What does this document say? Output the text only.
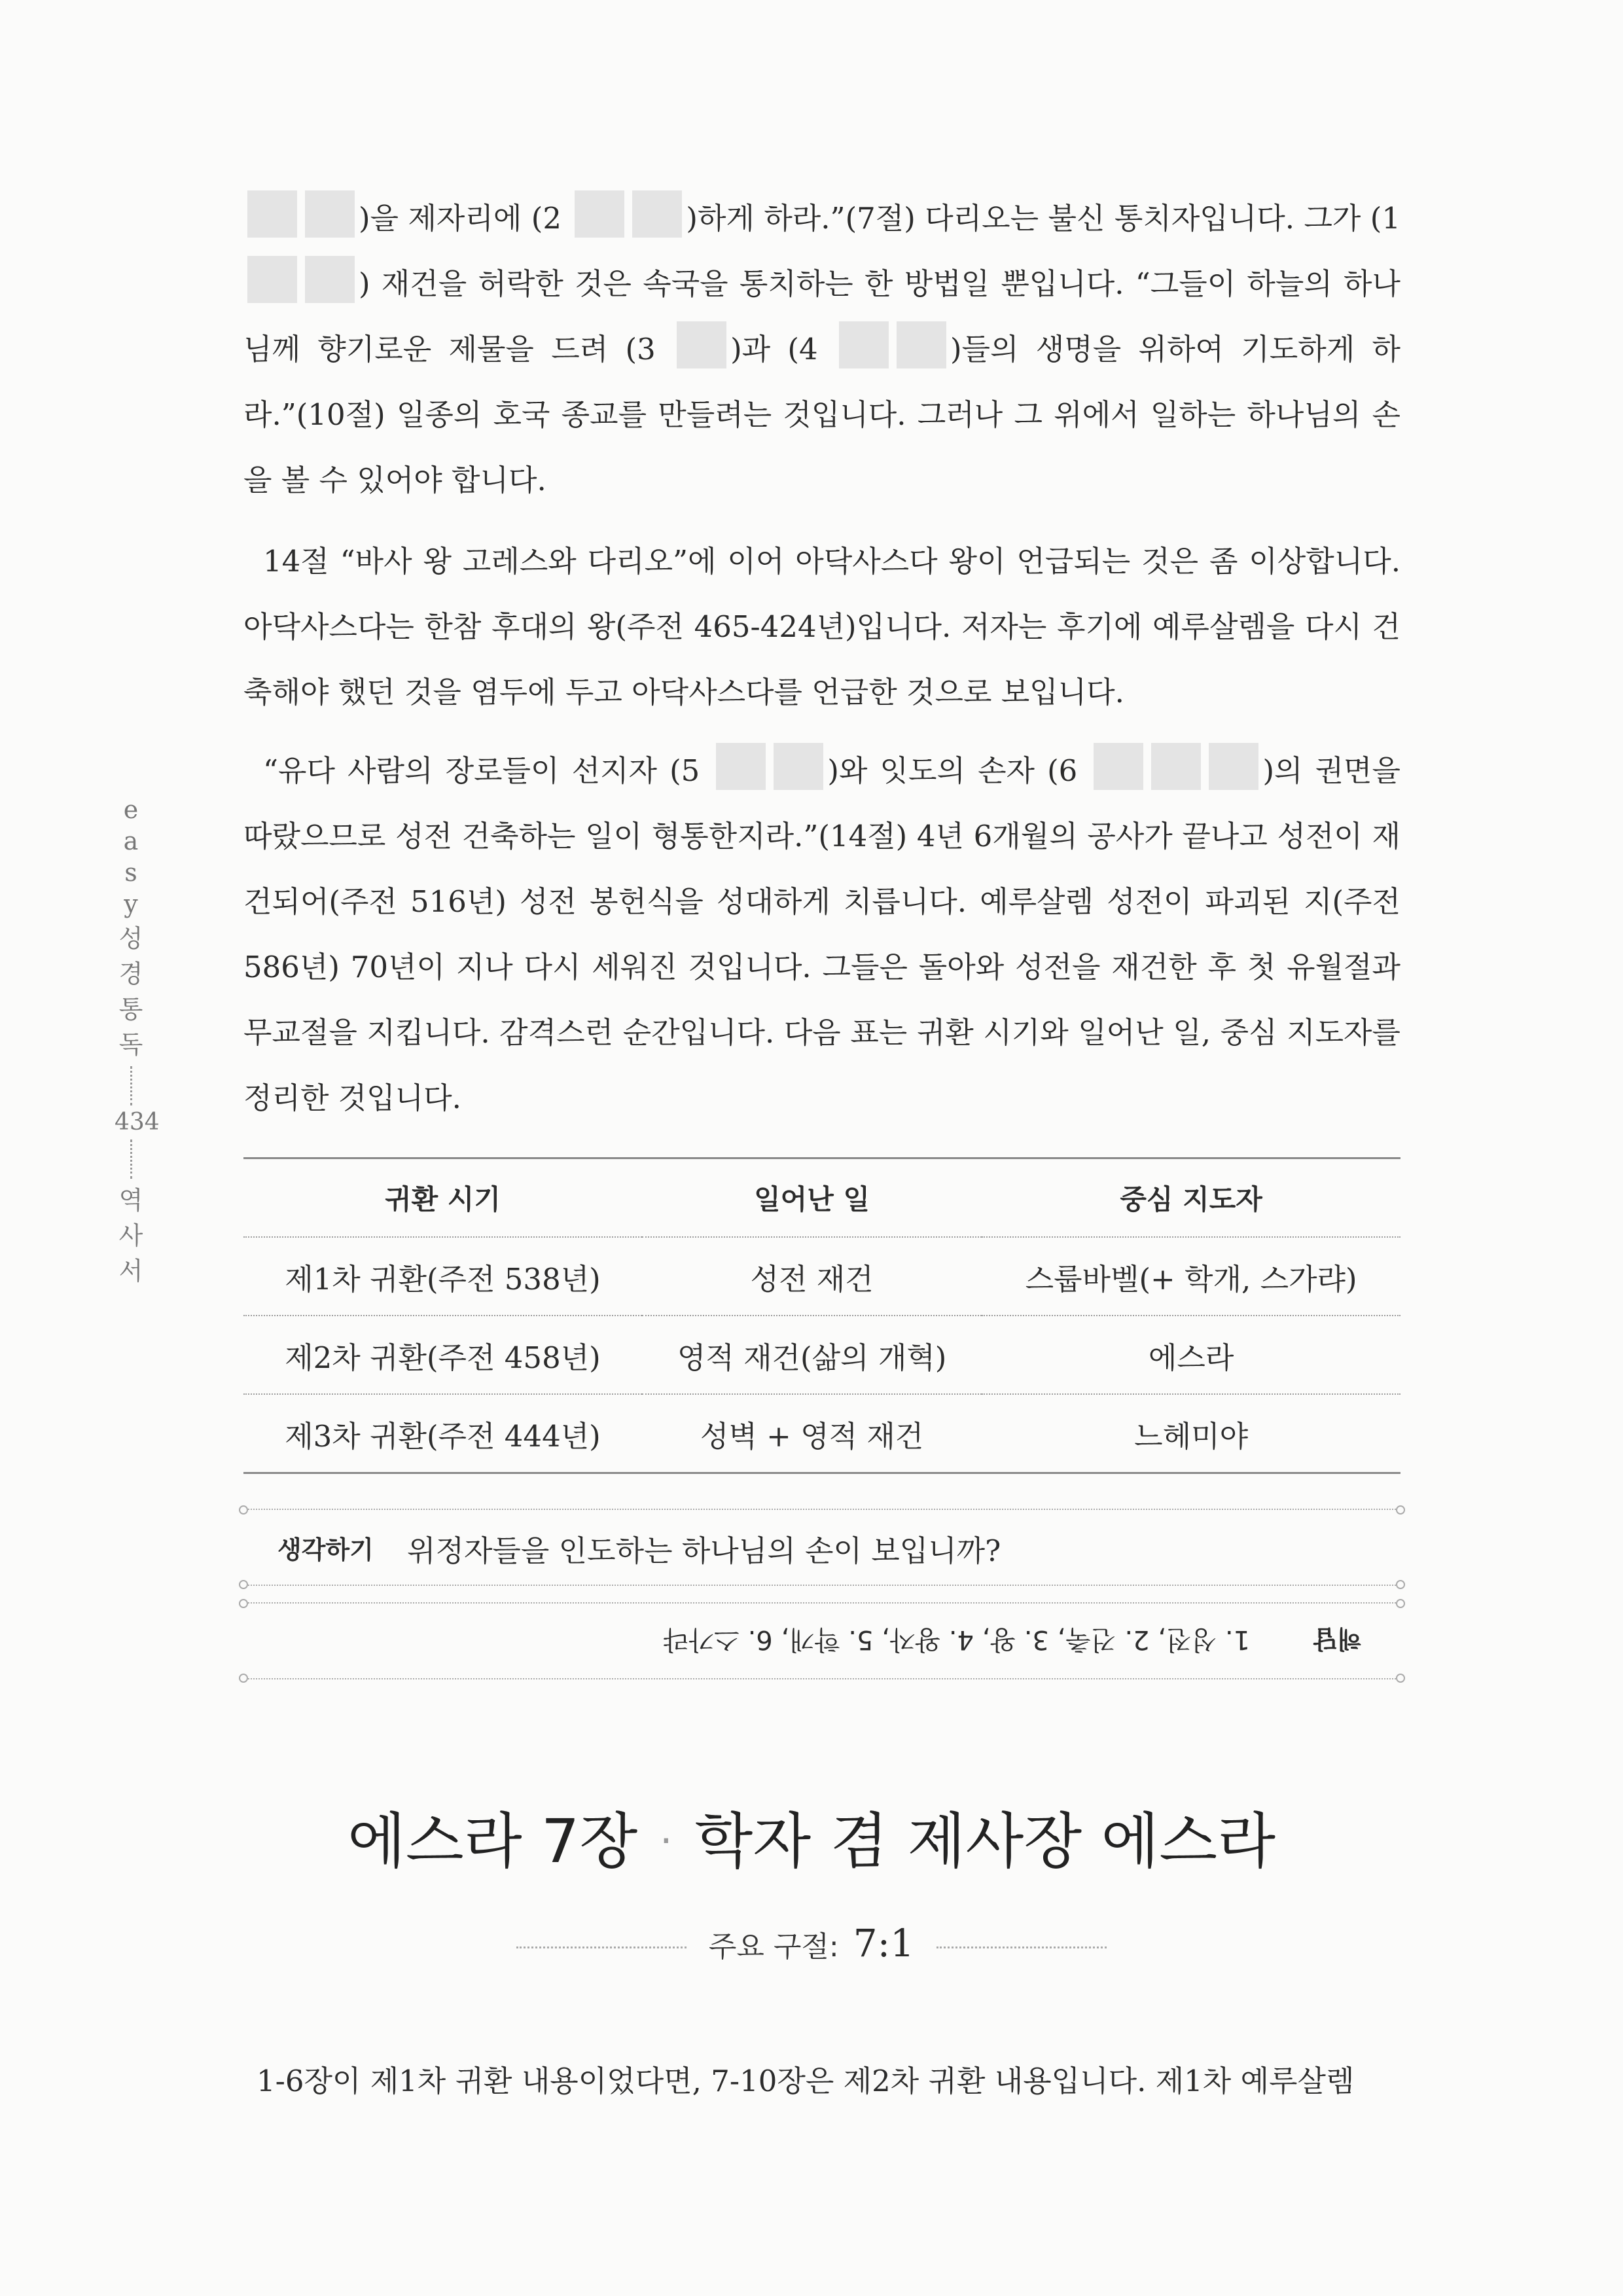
)을 제자리에 (2	)하게 하라.”(7절) 다리오는 불신 통치자입니다. 그가 (1 ) 재건을 허락한 것은 속국을 통치하는 한 방법일 뿐입니다. “그들이 하늘의 하나님께 향기로운 제물을 드려 (3	)과 (4	)들의 생명을 위하여 기도하게 하라.”(10절) 일종의 호국 종교를 만들려는 것입니다. 그러나 그 위에서 일하는 하나님의 손을 볼 수 있어야 합니다.

14절 “바사 왕 고레스와 다리오”에 이어 아닥사스다 왕이 언급되는 것은 좀 이상합니다. 아닥사스다는 한참 후대의 왕(주전 465-424년)입니다. 저자는 후기에 예루살렘을 다시 건축해야 했던 것을 염두에 두고 아닥사스다를 언급한 것으로 보입니다.

“유다 사람의 장로들이 선지자 (5	)와 잇도의 손자 (6	)의 권면을 따랐으므로 성전 건축하는 일이 형통한지라.”(14절) 4년 6개월의 공사가 끝나고 성전이 재건되어(주전 516년) 성전 봉헌식을 성대하게 치릅니다. 예루살렘 성전이 파괴된 지(주전 586년) 70년이 지나 다시 세워진 것입니다. 그들은 돌아와 성전을 재건한 후 첫 유월절과 무교절을 지킵니다. 감격스런 순간입니다. 다음 표는 귀환 시기와 일어난 일, 중심 지도자를 정리한 것입니다.

easy
성
경
통
독
434
역
사
서
귀환 시기	일어난 일	중심 지도자
제1차 귀환(주전 538년)	성전 재건	스룹바벨(+ 학개, 스가랴)
제2차 귀환(주전 458년)	영적 재건(삶의 개혁)	에스라
제3차 귀환(주전 444년)	성벽 + 영적 재건	느헤미야
생각하기 위정자들을 인도하는 하나님의 손이 보입니까?
해답
1. 성전, 2. 건축, 3. 왕, 4. 왕자, 5. 학개, 6. 스가랴
에스라 7장 · 학자 겸 제사장 에스라
주요 구절: 7:1

1-6장이 제1차 귀환 내용이었다면, 7-10장은 제2차 귀환 내용입니다. 제1차 예루살렘
